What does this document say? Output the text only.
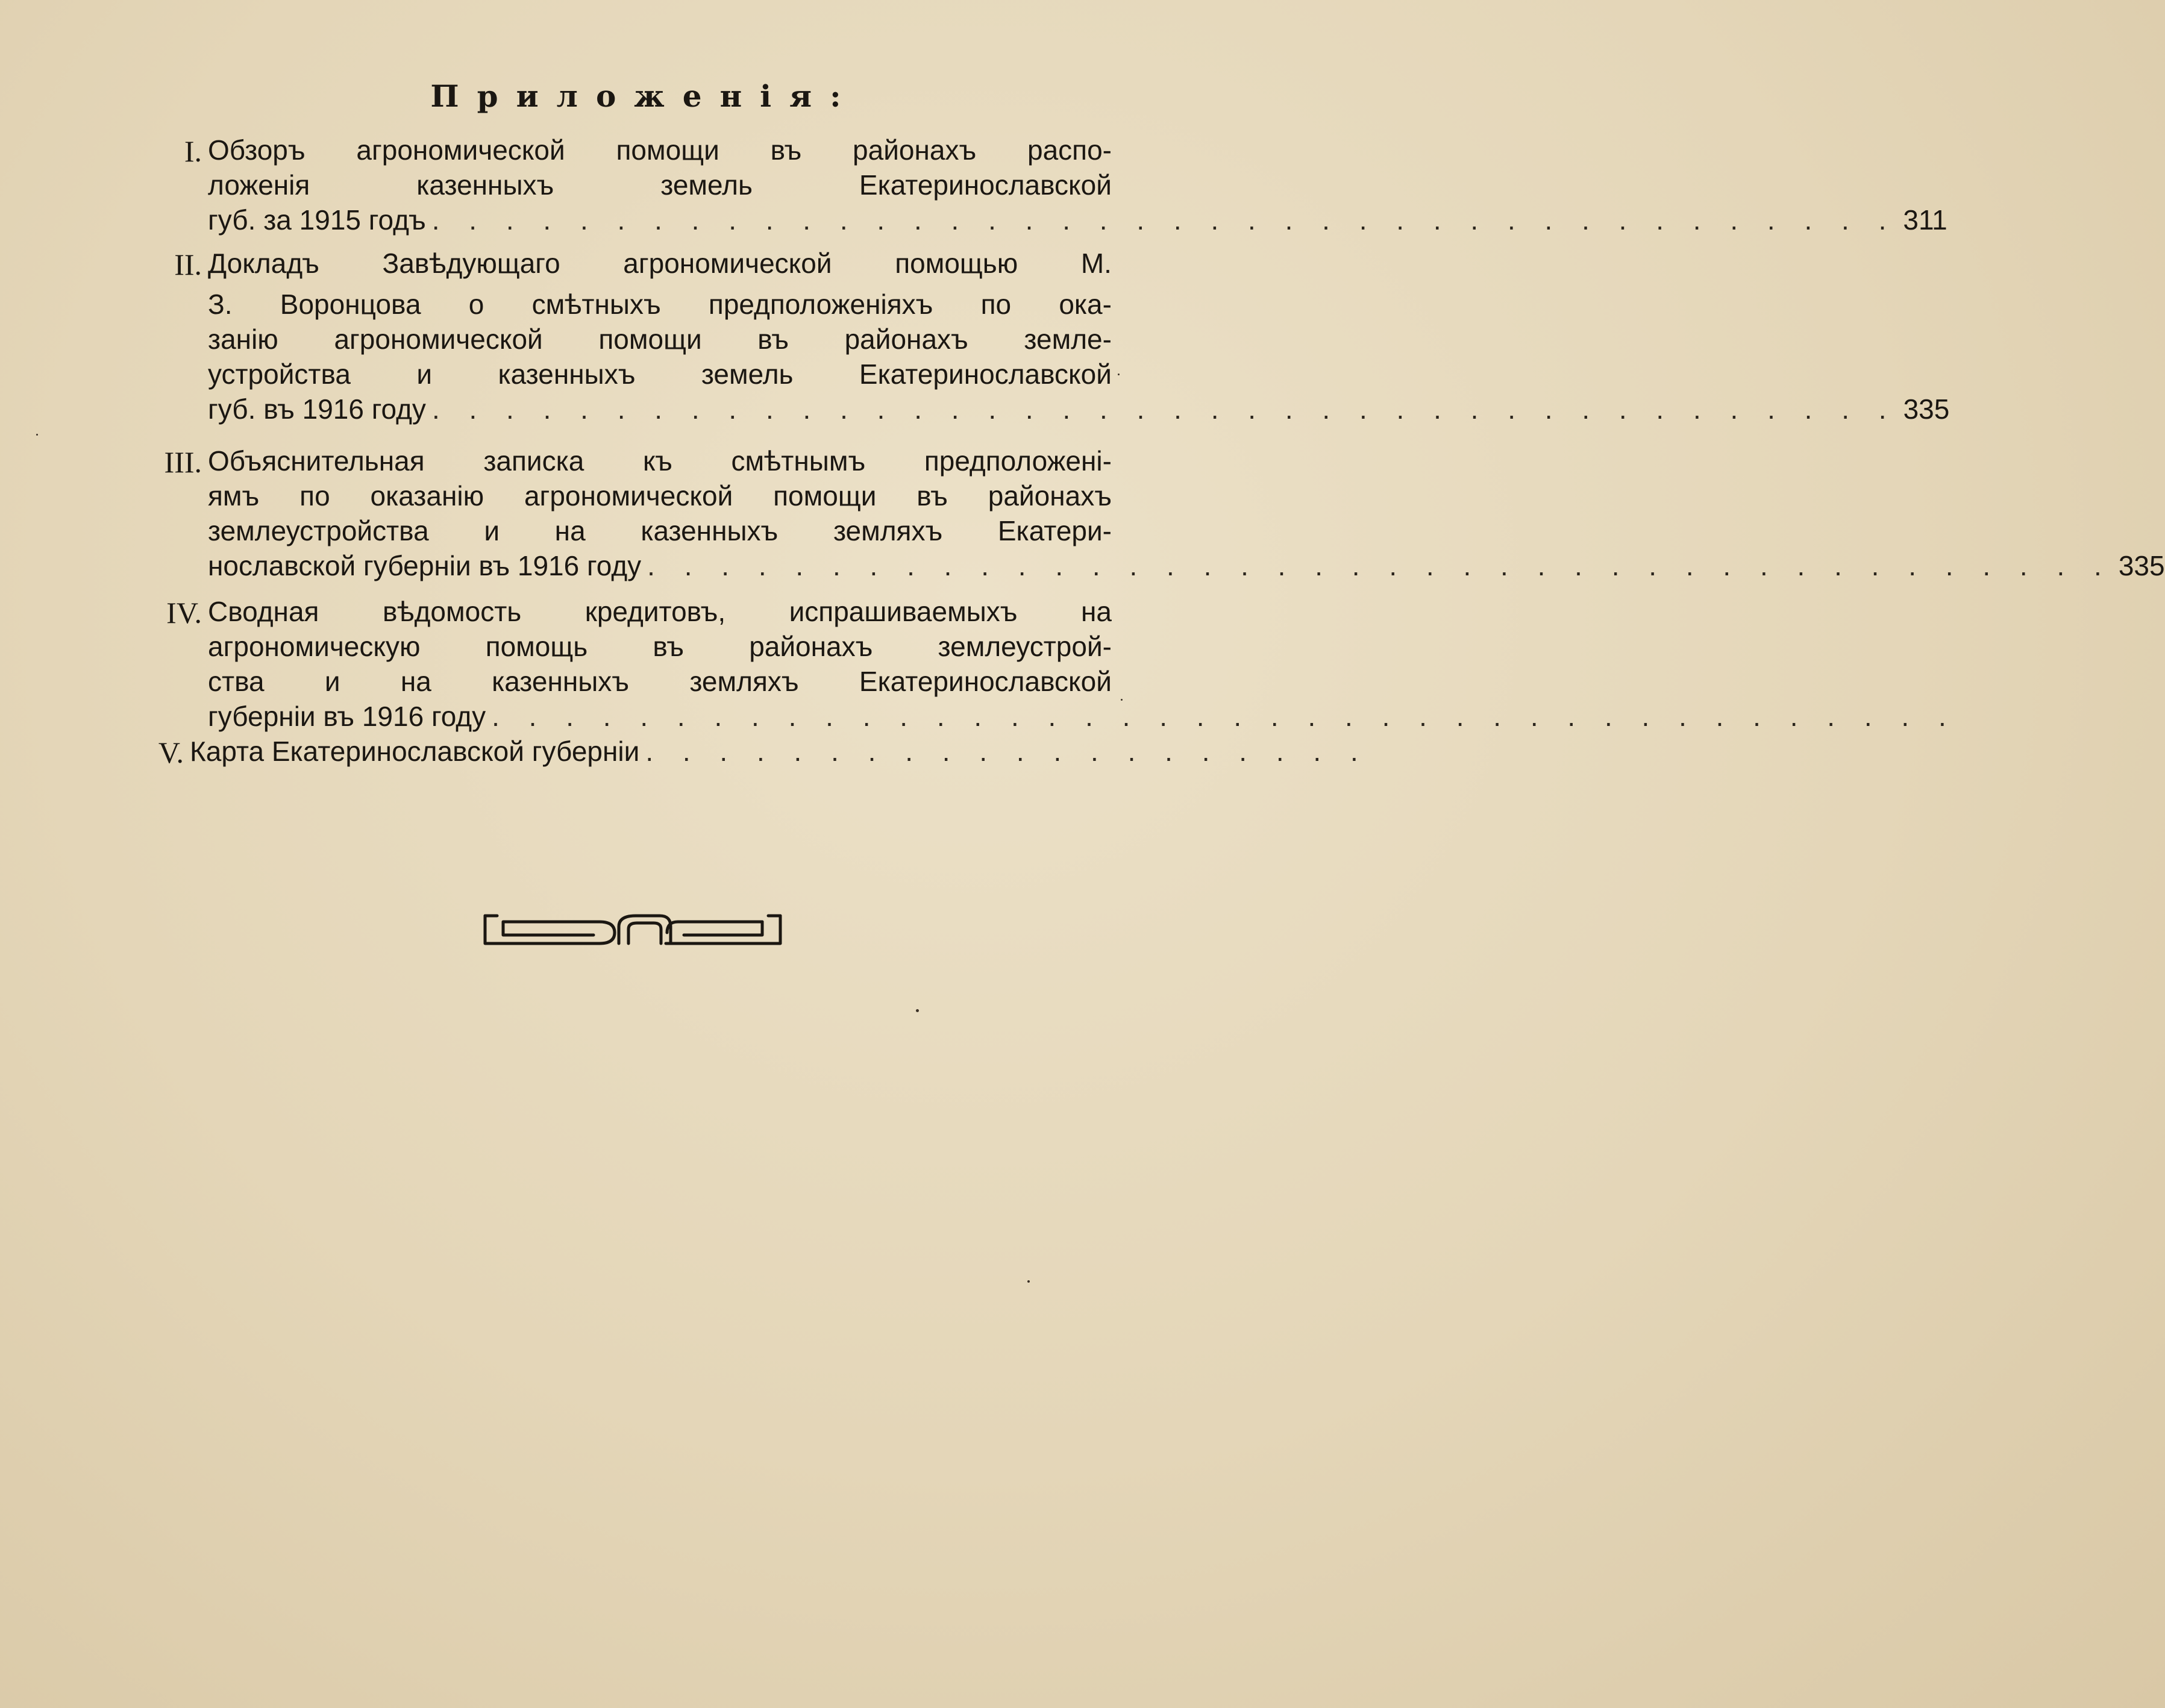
Приложенія:
I. Обзоръ агрономической помощи въ районахъ распо-
ложенія	казенныхъ	земель	Екатеринославской
губ. за 1915 годъ . . . . . . . . . . . . . . . . . . . . . . . . . . . . . . . . . . . . . . . . 311
II. Докладъ Завѣдующаго агрономической помощью М.
З. Воронцова о смѣтныхъ предположеніяхъ по ока-
занію агрономической помощи въ районахъ земле-
устройства и казенныхъ земель Екатеринославской
губ. въ 1916 году . . . . . . . . . . . . . . . . . . . . . . . . . . . . . . . . . . . . . . . . 335
III. Объяснительная записка къ смѣтнымъ предположені-
ямъ по оказанію агрономической помощи въ районахъ
землеустройства и на казенныхъ земляхъ Екатери-
нославской губерніи въ 1916 году . . . . . . . . . . . . . . . . . . . . . . . . . . . . . . . . . . . . . . . . 335
IV. Сводная вѣдомость кредитовъ, испрашиваемыхъ на
агрономическую помощь въ районахъ землеустрой-
ства и на казенныхъ земляхъ Екатеринославской
губерніи въ 1916 году . . . . . . . . . . . . . . . . . . . . . . . . . . . . . . . . . . . . . . . .
V. Карта Екатеринославской губерніи . . . . . . . . . . . . . . . . . . . .
